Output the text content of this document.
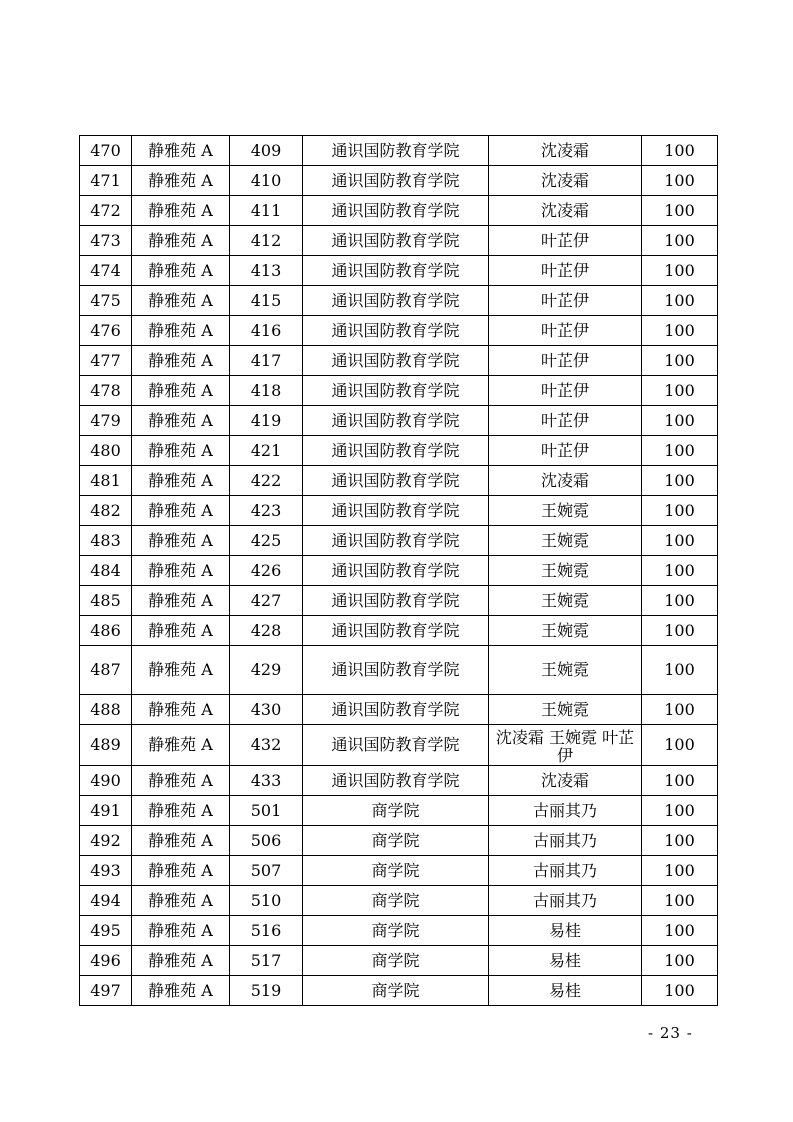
470	静雅苑 A	409	通识国防教育学院	沈凌霜	100
471	静雅苑 A	410	通识国防教育学院	沈凌霜	100
472	静雅苑 A	411	通识国防教育学院	沈凌霜	100
473	静雅苑 A	412	通识国防教育学院	叶芷伊	100
474	静雅苑 A	413	通识国防教育学院	叶芷伊	100
475	静雅苑 A	415	通识国防教育学院	叶芷伊	100
476	静雅苑 A	416	通识国防教育学院	叶芷伊	100
477	静雅苑 A	417	通识国防教育学院	叶芷伊	100
478	静雅苑 A	418	通识国防教育学院	叶芷伊	100
479	静雅苑 A	419	通识国防教育学院	叶芷伊	100
480	静雅苑 A	421	通识国防教育学院	叶芷伊	100
481	静雅苑 A	422	通识国防教育学院	沈凌霜	100
482	静雅苑 A	423	通识国防教育学院	王婉霓	100
483	静雅苑 A	425	通识国防教育学院	王婉霓	100
484	静雅苑 A	426	通识国防教育学院	王婉霓	100
485	静雅苑 A	427	通识国防教育学院	王婉霓	100
486	静雅苑 A	428	通识国防教育学院	王婉霓	100
487	静雅苑 A	429	通识国防教育学院	王婉霓	100
488	静雅苑 A	430	通识国防教育学院	王婉霓	100
489	静雅苑 A	432	通识国防教育学院	沈凌霜 王婉霓 叶芷伊	100
490	静雅苑 A	433	通识国防教育学院	沈凌霜	100
491	静雅苑 A	501	商学院	古丽其乃	100
492	静雅苑 A	506	商学院	古丽其乃	100
493	静雅苑 A	507	商学院	古丽其乃	100
494	静雅苑 A	510	商学院	古丽其乃	100
495	静雅苑 A	516	商学院	易桂	100
496	静雅苑 A	517	商学院	易桂	100
497	静雅苑 A	519	商学院	易桂	100
- 23 -
